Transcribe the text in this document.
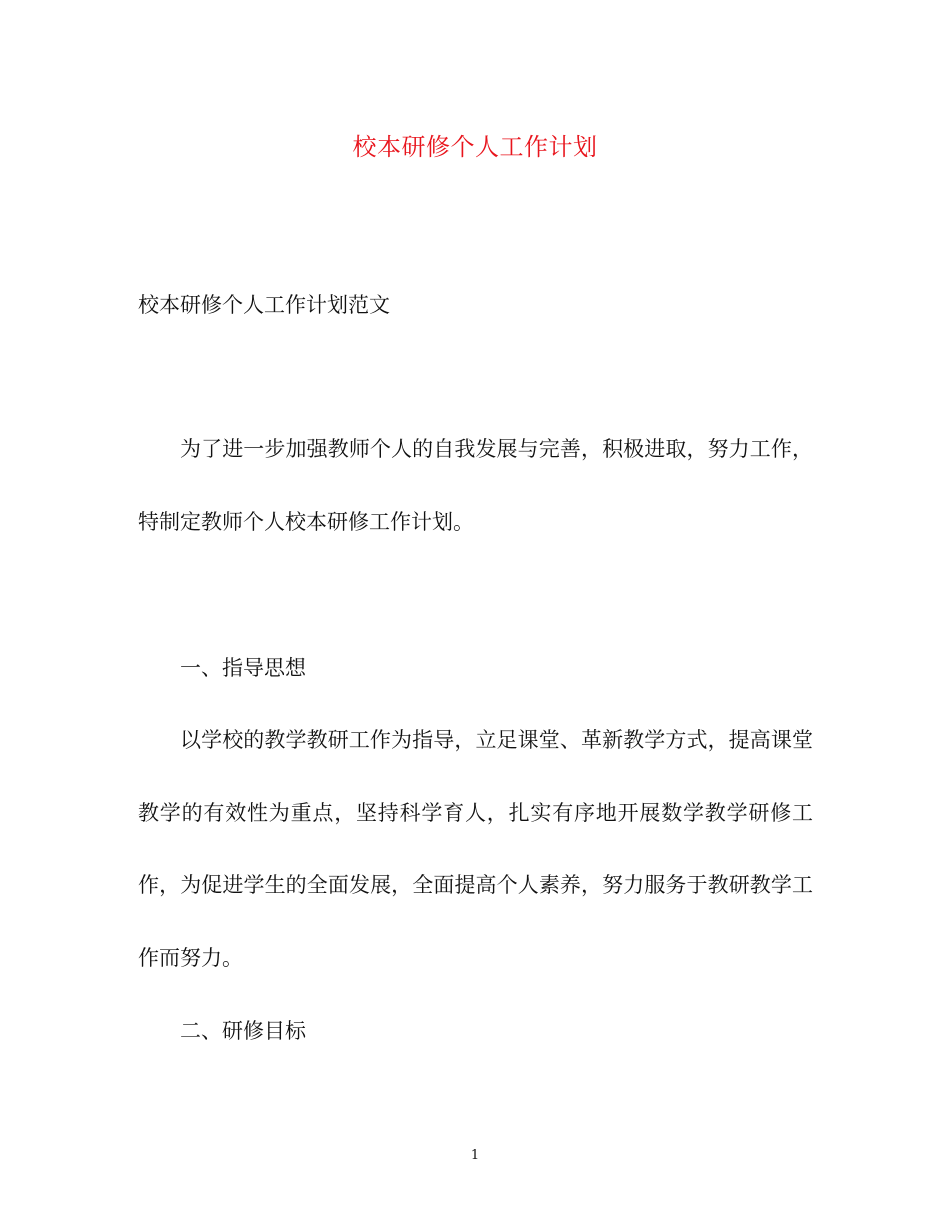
校本研修个人工作计划
校本研修个人工作计划范文

为了进一步加强教师个人的自我发展与完善，积极进取，努力工作，特制定教师个人校本研修工作计划。

一、指导思想

以学校的教学教研工作为指导，立足课堂、革新教学方式，提高课堂教学的有效性为重点，坚持科学育人，扎实有序地开展数学教学研修工作，为促进学生的全面发展，全面提高个人素养，努力服务于教研教学工作而努力。

二、研修目标
1
